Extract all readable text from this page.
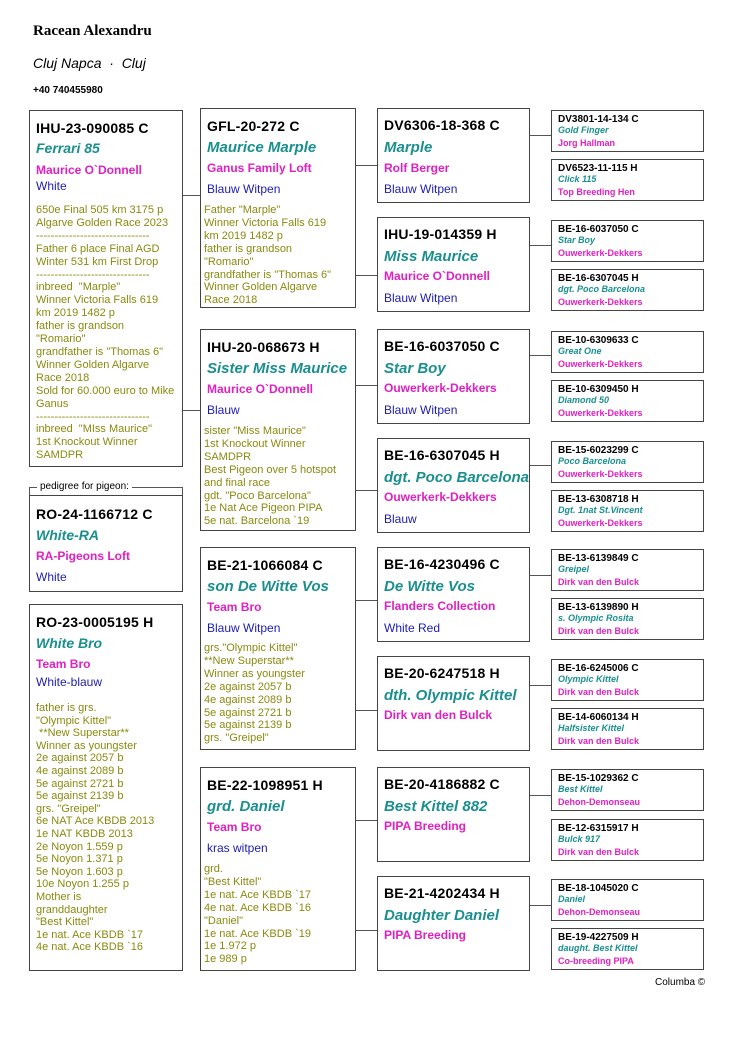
Racean Alexandru
Cluj Napca  ·  Cluj
+40 740455980
pedigree for pigeon:
IHU-23-090085 C
Ferrari 85
Maurice O`Donnell
White
650e Final 505 km 3175 p
Algarve Golden Race 2023
-------------------------------
Father 6 place Final AGD
Winter 531 km First Drop
-------------------------------
inbreed  "Marple"
Winner Victoria Falls 619
km 2019 1482 p
father is grandson
"Romario"
grandfather is "Thomas 6"
Winner Golden Algarve
Race 2018
Sold for 60.000 euro to Mike
Ganus
-------------------------------
inbreed  "MIss Maurice"
1st Knockout Winner
SAMDPR
RO-24-1166712 C
White-RA
RA-Pigeons Loft
White
RO-23-0005195 H
White Bro
Team Bro
White-blauw
father is grs.
"Olympic Kittel"
**New Superstar**
Winner as youngster
2e against 2057 b
4e against 2089 b
5e against 2721 b
5e against 2139 b
grs. "Greipel"
6e NAT Ace KBDB 2013
1e NAT KBDB 2013
2e Noyon 1.559 p
5e Noyon 1.371 p
5e Noyon 1.603 p
10e Noyon 1.255 p
Mother is
granddaughter
"Best Kittel"
1e nat. Ace KBDB `17
4e nat. Ace KBDB `16
GFL-20-272 C
Maurice Marple
Ganus Family Loft
Blauw Witpen
Father "Marple"
Winner Victoria Falls 619
km 2019 1482 p
father is grandson
"Romario"
grandfather is "Thomas 6"
Winner Golden Algarve
Race 2018
IHU-20-068673 H
Sister Miss Maurice
Maurice O`Donnell
Blauw
sister "Miss Maurice"
1st Knockout Winner
SAMDPR
Best Pigeon over 5 hotspot
and final race
gdt. "Poco Barcelona"
1e Nat Ace Pigeon PIPA
5e nat. Barcelona `19
BE-21-1066084 C
son De Witte Vos
Team Bro
Blauw Witpen
grs."Olympic Kittel"
**New Superstar**
Winner as youngster
2e against 2057 b
4e against 2089 b
5e against 2721 b
5e against 2139 b
grs. "Greipel"
BE-22-1098951 H
grd. Daniel
Team Bro
kras witpen
grd.
"Best Kittel"
1e nat. Ace KBDB `17
4e nat. Ace KBDB `16
"Daniel"
1e nat. Ace KBDB `19
1e 1.972 p
1e 989 p
DV6306-18-368 C
Marple
Rolf Berger
Blauw Witpen
IHU-19-014359 H
Miss Maurice
Maurice O`Donnell
Blauw Witpen
BE-16-6037050 C
Star Boy
Ouwerkerk-Dekkers
Blauw Witpen
BE-16-6307045 H
dgt. Poco Barcelona
Ouwerkerk-Dekkers
Blauw
BE-16-4230496 C
De Witte Vos
Flanders Collection
White Red
BE-20-6247518 H
dth. Olympic Kittel
Dirk van den Bulck
BE-20-4186882 C
Best Kittel 882
PIPA Breeding
BE-21-4202434 H
Daughter Daniel
PIPA Breeding
DV3801-14-134 C
Gold Finger
Jorg Hallman
DV6523-11-115 H
Click 115
Top Breeding Hen
BE-16-6037050 C
Star Boy
Ouwerkerk-Dekkers
BE-16-6307045 H
dgt. Poco Barcelona
Ouwerkerk-Dekkers
BE-10-6309633 C
Great One
Ouwerkerk-Dekkers
BE-10-6309450 H
Diamond 50
Ouwerkerk-Dekkers
BE-15-6023299 C
Poco Barcelona
Ouwerkerk-Dekkers
BE-13-6308718 H
Dgt. 1nat St.Vincent
Ouwerkerk-Dekkers
BE-13-6139849 C
Greipel
Dirk van den Bulck
BE-13-6139890 H
s. Olympic Rosita
Dirk van den Bulck
BE-16-6245006 C
Olympic Kittel
Dirk van den Bulck
BE-14-6060134 H
Halfsister Kittel
Dirk van den Bulck
BE-15-1029362 C
Best Kittel
Dehon-Demonseau
BE-12-6315917 H
Bulck 917
Dirk van den Bulck
BE-18-1045020 C
Daniel
Dehon-Demonseau
BE-19-4227509 H
daught. Best Kittel
Co-breeding PIPA
Columba ©
